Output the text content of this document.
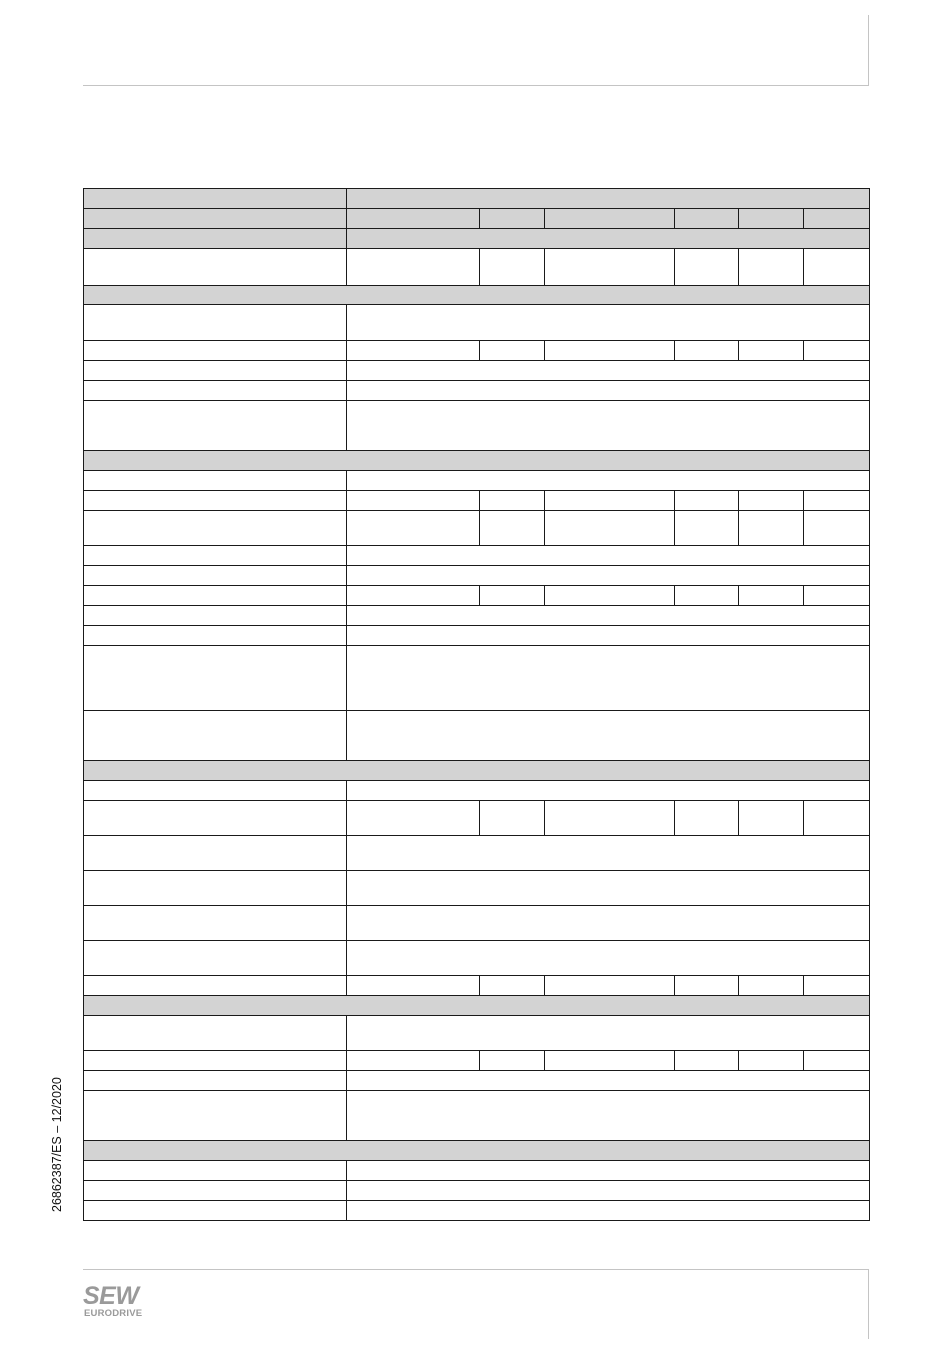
26862387/ES – 12/2020
SEW
EURODRIVE
